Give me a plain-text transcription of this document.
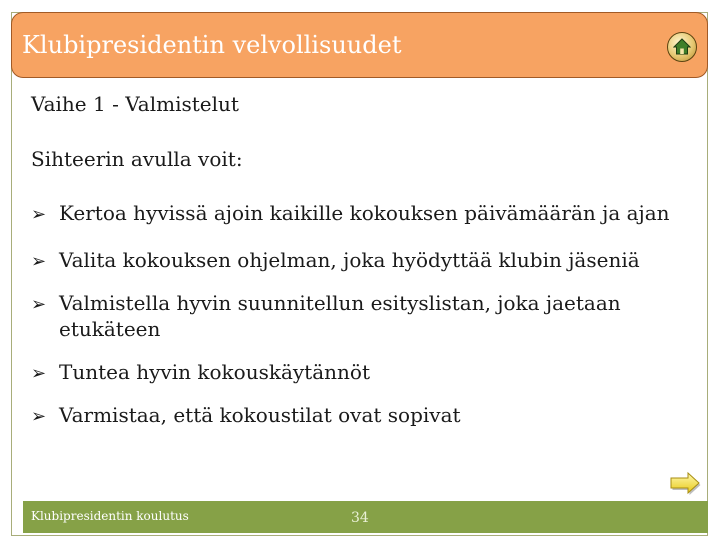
Klubipresidentin velvollisuudet
Vaihe 1 - Valmistelut
Sihteerin avulla voit:
➢ Kertoa hyvissä ajoin kaikille kokouksen päivämäärän ja ajan
➢ Valita kokouksen ohjelman, joka hyödyttää klubin jäseniä
➢ Valmistella hyvin suunnitellun esityslistan, joka jaetaan etukäteen
➢ Tuntea hyvin kokouskäytännöt
➢ Varmistaa, että kokoustilat ovat sopivat
Klubipresidentin koulutus	34
